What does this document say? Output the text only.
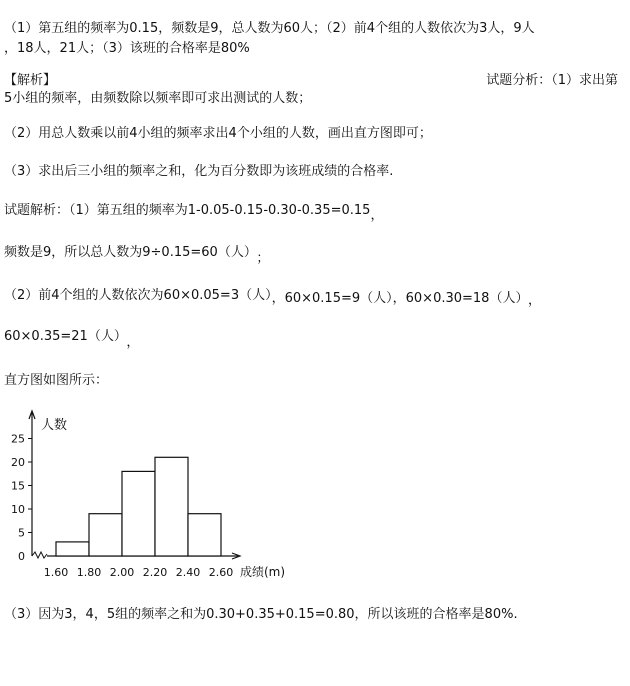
（1）第五组的频率为0.15，频数是9，总人数为60人；（2）前4个组的人数依次为3人，9人
，18人，21人；（3）该班的合格率是80%
【解析】	试题分析：（1）求出第
5小组的频率，由频数除以频率即可求出测试的人数；
（2）用总人数乘以前4小组的频率求出4个小组的人数，画出直方图即可；
（3）求出后三小组的频率之和，化为百分数即为该班成绩的合格率.
试题解析：（1）第五组的频率为1-0.05-0.15-0.30-0.35=0.15，
频数是9，所以总人数为9÷0.15=60（人） ；
（2）前4个组的人数依次为60×0.05=3（人），60×0.15=9（人），60×0.30=18（人） ，
60×0.35=21（人） ，
直方图如图所示：
人数
成绩(m)
0
5
10
15
20
25
1.60 1.80 2.00 2.20 2.40 2.60
（3）因为3，4，5组的频率之和为0.30+0.35+0.15=0.80，所以该班的合格率是80%.
